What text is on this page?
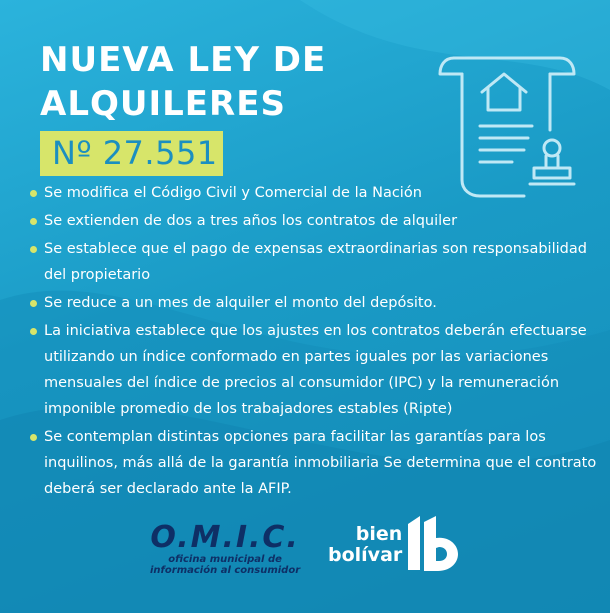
NUEVA LEY DE
ALQUILERES
Nº 27.551
Se modifica el Código Civil y Comercial de la Nación
Se extienden de dos a tres años los contratos de alquiler
Se establece que el pago de expensas extraordinarias son responsabilidad del propietario
Se reduce a un mes de alquiler el monto del depósito.
La iniciativa establece que los ajustes en los contratos deberán efectuarse utilizando un índice conformado en partes iguales por las variaciones mensuales del índice de precios al consumidor (IPC) y la remuneración imponible promedio de los trabajadores estables (Ripte)
Se contemplan distintas opciones para facilitar las garantías para los inquilinos, más allá de la garantía inmobiliaria Se determina que el contrato deberá ser declarado ante la AFIP.
O.M.I.C.
oficina municipal de
información al consumidor
bien
bolívar
